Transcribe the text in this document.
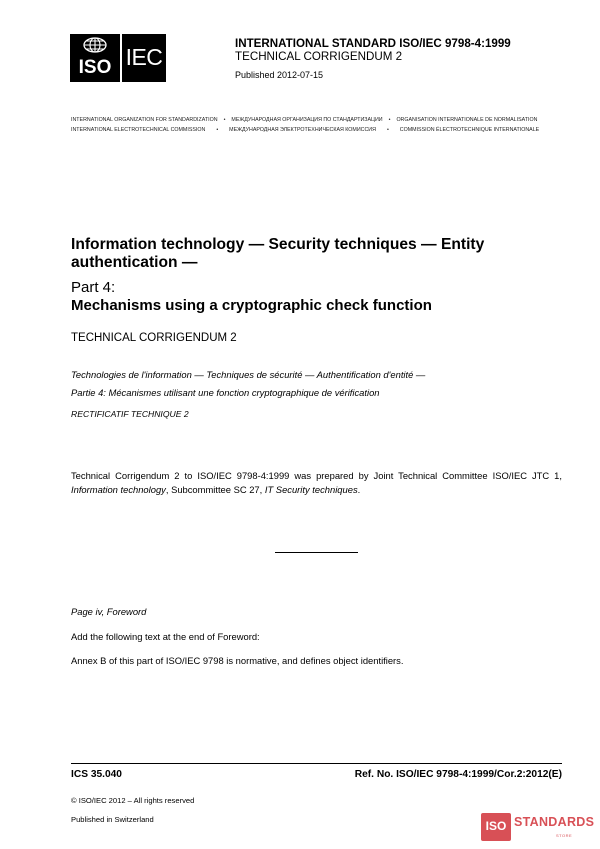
ISO IEC
INTERNATIONAL STANDARD ISO/IEC 9798-4:1999
TECHNICAL CORRIGENDUM 2
Published 2012-07-15
INTERNATIONAL ORGANIZATION FOR STANDARDIZATION • МЕЖДУНАРОДНАЯ ОРГАНИЗАЦИЯ ПО СТАНДАРТИЗАЦИИ • ORGANISATION INTERNATIONALE DE NORMALISATION
INTERNATIONAL ELECTROTECHNICAL COMMISSION • МЕЖДУНАРОДНАЯ ЭЛЕКТРОТЕХНИЧЕСКАЯ КОМИССИЯ • COMMISSION ÉLECTROTECHNIQUE INTERNATIONALE
Information technology — Security techniques — Entity authentication —
Part 4:
Mechanisms using a cryptographic check function
TECHNICAL CORRIGENDUM 2
Technologies de l'information — Techniques de sécurité — Authentification d'entité —
Partie 4: Mécanismes utilisant une fonction cryptographique de vérification
RECTIFICATIF TECHNIQUE 2
Technical Corrigendum 2 to ISO/IEC 9798-4:1999 was prepared by Joint Technical Committee ISO/IEC JTC 1, Information technology, Subcommittee SC 27, IT Security techniques.
Page iv, Foreword
Add the following text at the end of Foreword:
Annex B of this part of ISO/IEC 9798 is normative, and defines object identifiers.
ICS 35.040	Ref. No. ISO/IEC 9798-4:1999/Cor.2:2012(E)
© ISO/IEC 2012 – All rights reserved
Published in Switzerland	ISO STANDARDS
STORE
